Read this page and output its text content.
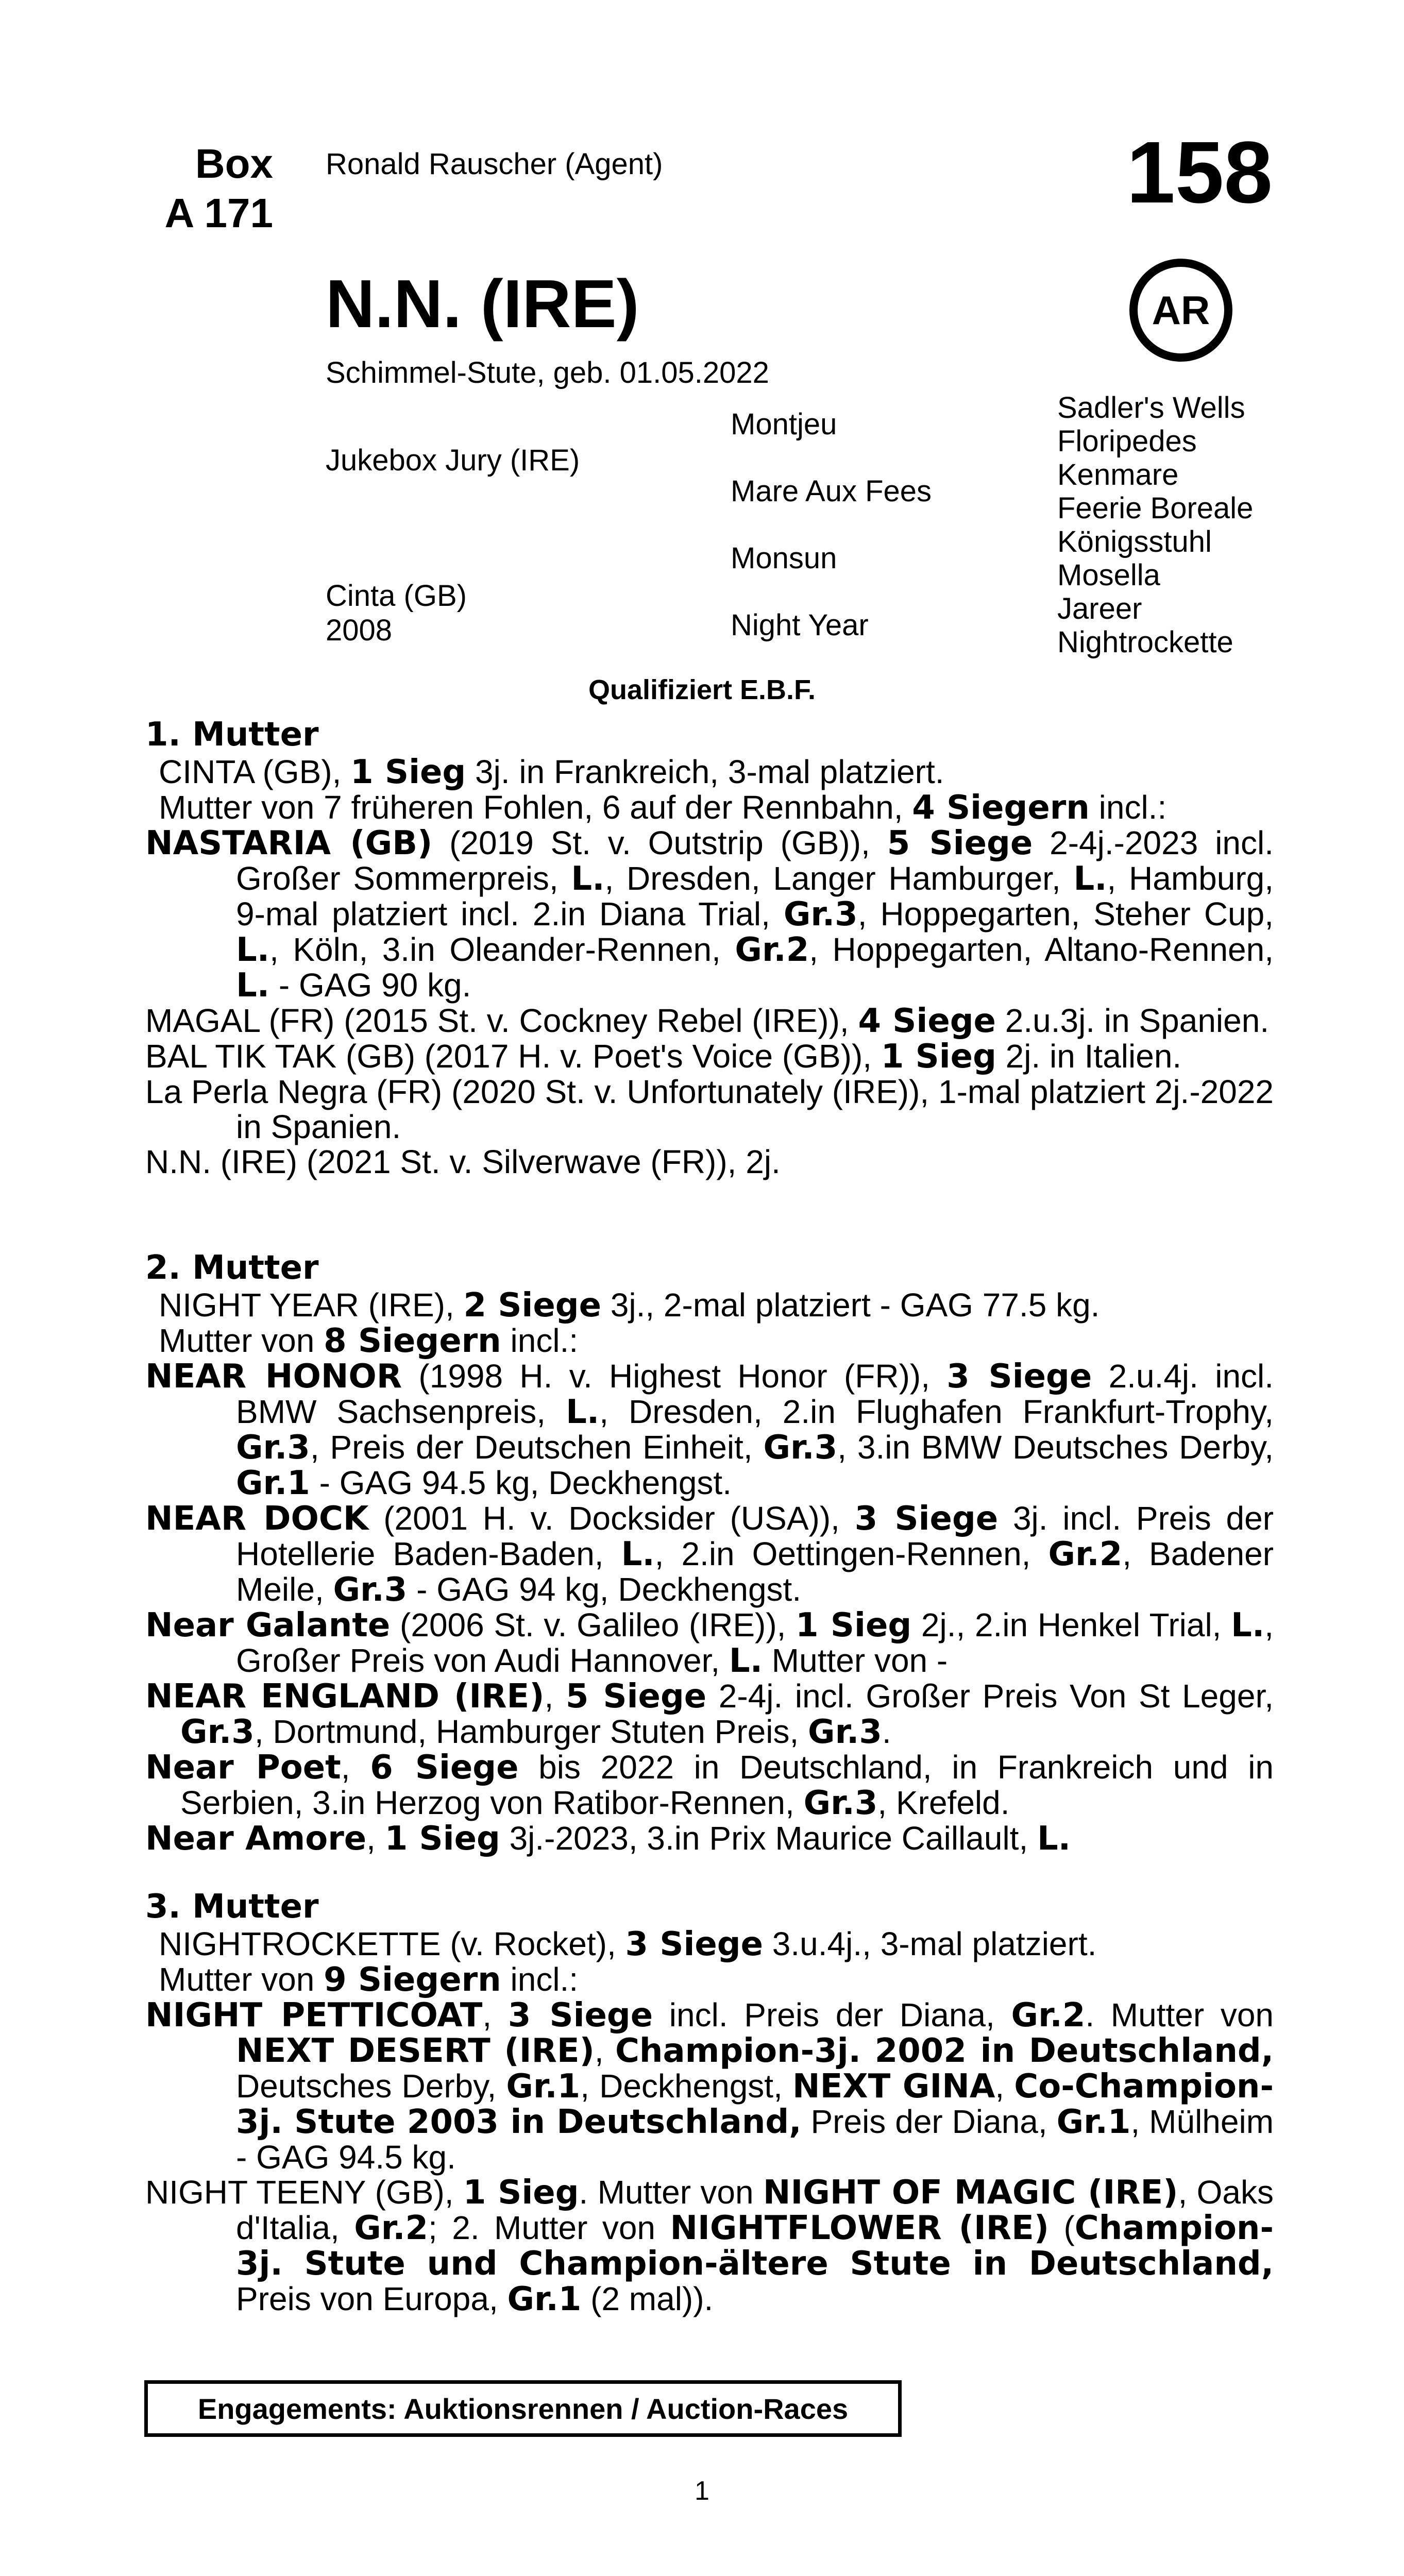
Box
A 171
Ronald Rauscher (Agent)	158
N.N. (IRE)	AR
Schimmel-Stute, geb. 01.05.2022
Jukebox Jury (IRE)
Cinta (GB)
2008
Montjeu
Mare Aux Fees
Monsun
Night Year
Sadler's Wells
Floripedes
Kenmare
Feerie Boreale
Königsstuhl
Mosella
Jareer
Nightrockette
Qualifiziert E.B.F.
1. Mutter

CINTA (GB), 1 Sieg 3j. in Frankreich, 3-mal platziert.

Mutter von 7 früheren Fohlen, 6 auf der Rennbahn, 4 Siegern incl.:

NASTARIA (GB) (2019 St. v. Outstrip (GB)), 5 Siege 2-4j.-2023 incl. Großer Sommerpreis, L., Dresden, Langer Hamburger, L., Hamburg, 9-mal platziert incl. 2.in Diana Trial, Gr.3, Hoppegarten, Steher Cup, L., Köln, 3.in Oleander-Rennen, Gr.2, Hoppegarten, Altano-Rennen, L. - GAG 90 kg.

MAGAL (FR) (2015 St. v. Cockney Rebel (IRE)), 4 Siege 2.u.3j. in Spanien.

BAL TIK TAK (GB) (2017 H. v. Poet's Voice (GB)), 1 Sieg 2j. in Italien.

La Perla Negra (FR) (2020 St. v. Unfortunately (IRE)), 1-mal platziert 2j.-2022 in Spanien.

N.N. (IRE) (2021 St. v. Silverwave (FR)), 2j.

2. Mutter

NIGHT YEAR (IRE), 2 Siege 3j., 2-mal platziert - GAG 77.5 kg.

Mutter von 8 Siegern incl.:

NEAR HONOR (1998 H. v. Highest Honor (FR)), 3 Siege 2.u.4j. incl. BMW Sachsenpreis, L., Dresden, 2.in Flughafen Frankfurt-Trophy, Gr.3, Preis der Deutschen Einheit, Gr.3, 3.in BMW Deutsches Derby, Gr.1 - GAG 94.5 kg, Deckhengst.

NEAR DOCK (2001 H. v. Docksider (USA)), 3 Siege 3j. incl. Preis der Hotellerie Baden-Baden, L., 2.in Oettingen-Rennen, Gr.2, Badener Meile, Gr.3 - GAG 94 kg, Deckhengst.

Near Galante (2006 St. v. Galileo (IRE)), 1 Sieg 2j., 2.in Henkel Trial, L., Großer Preis von Audi Hannover, L. Mutter von -

NEAR ENGLAND (IRE), 5 Siege 2-4j. incl. Großer Preis Von St Leger, Gr.3, Dortmund, Hamburger Stuten Preis, Gr.3.

Near Poet, 6 Siege bis 2022 in Deutschland, in Frankreich und in Serbien, 3.in Herzog von Ratibor-Rennen, Gr.3, Krefeld.

Near Amore, 1 Sieg 3j.-2023, 3.in Prix Maurice Caillault, L.

3. Mutter

NIGHTROCKETTE (v. Rocket), 3 Siege 3.u.4j., 3-mal platziert.

Mutter von 9 Siegern incl.:

NIGHT PETTICOAT, 3 Siege incl. Preis der Diana, Gr.2. Mutter von NEXT DESERT (IRE), Champion-3j. 2002 in Deutschland, Deutsches Derby, Gr.1, Deckhengst, NEXT GINA, Co-Champion-3j. Stute 2003 in Deutschland, Preis der Diana, Gr.1, Mülheim - GAG 94.5 kg.

NIGHT TEENY (GB), 1 Sieg. Mutter von NIGHT OF MAGIC (IRE), Oaks d'Italia, Gr.2; 2. Mutter von NIGHTFLOWER (IRE) (Champion-3j. Stute und Champion-ältere Stute in Deutschland, Preis von Europa, Gr.1 (2 mal)).

Engagements: Auktionsrennen / Auction-Races
1
